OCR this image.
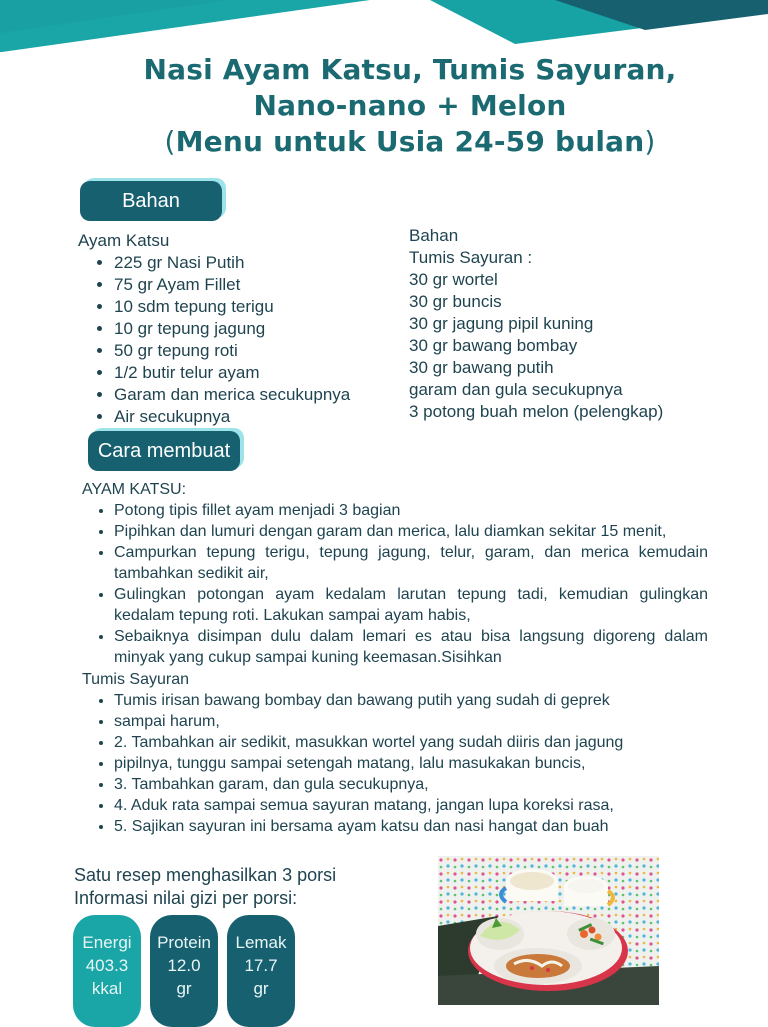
Nasi Ayam Katsu, Tumis Sayuran,
Nano-nano + Melon
(Menu untuk Usia 24-59 bulan)
Bahan
Ayam Katsu
• 225 gr Nasi Putih
• 75 gr Ayam Fillet
• 10 sdm tepung terigu
• 10 gr tepung jagung
• 50 gr tepung roti
• 1/2 butir telur ayam
• Garam dan merica secukupnya
• Air secukupnya
Bahan
Tumis Sayuran :
30 gr wortel
30 gr buncis
30 gr jagung pipil kuning
30 gr bawang bombay
30 gr bawang putih
garam dan gula secukupnya
3 potong buah melon (pelengkap)
Cara membuat
AYAM KATSU:
• Potong tipis fillet ayam menjadi 3 bagian
• Pipihkan dan lumuri dengan garam dan merica, lalu diamkan sekitar 15 menit,
• Campurkan tepung terigu, tepung jagung, telur, garam, dan merica kemudain tambahkan sedikit air,
• Gulingkan potongan ayam kedalam larutan tepung tadi, kemudian gulingkan kedalam tepung roti. Lakukan sampai ayam habis,
• Sebaiknya disimpan dulu dalam lemari es atau bisa langsung digoreng dalam minyak yang cukup sampai kuning keemasan.Sisihkan
Tumis Sayuran
• Tumis irisan bawang bombay dan bawang putih yang sudah di geprek
• sampai harum,
• 2. Tambahkan air sedikit, masukkan wortel yang sudah diiris dan jagung
• pipilnya, tunggu sampai setengah matang, lalu masukakan buncis,
• 3. Tambahkan garam, dan gula secukupnya,
• 4. Aduk rata sampai semua sayuran matang, jangan lupa koreksi rasa,
• 5. Sajikan sayuran ini bersama ayam katsu dan nasi hangat dan buah
Satu resep menghasilkan 3 porsi
Informasi nilai gizi per porsi:
Energi
403.3
kkal
Protein
12.0
gr
Lemak
17.7
gr
